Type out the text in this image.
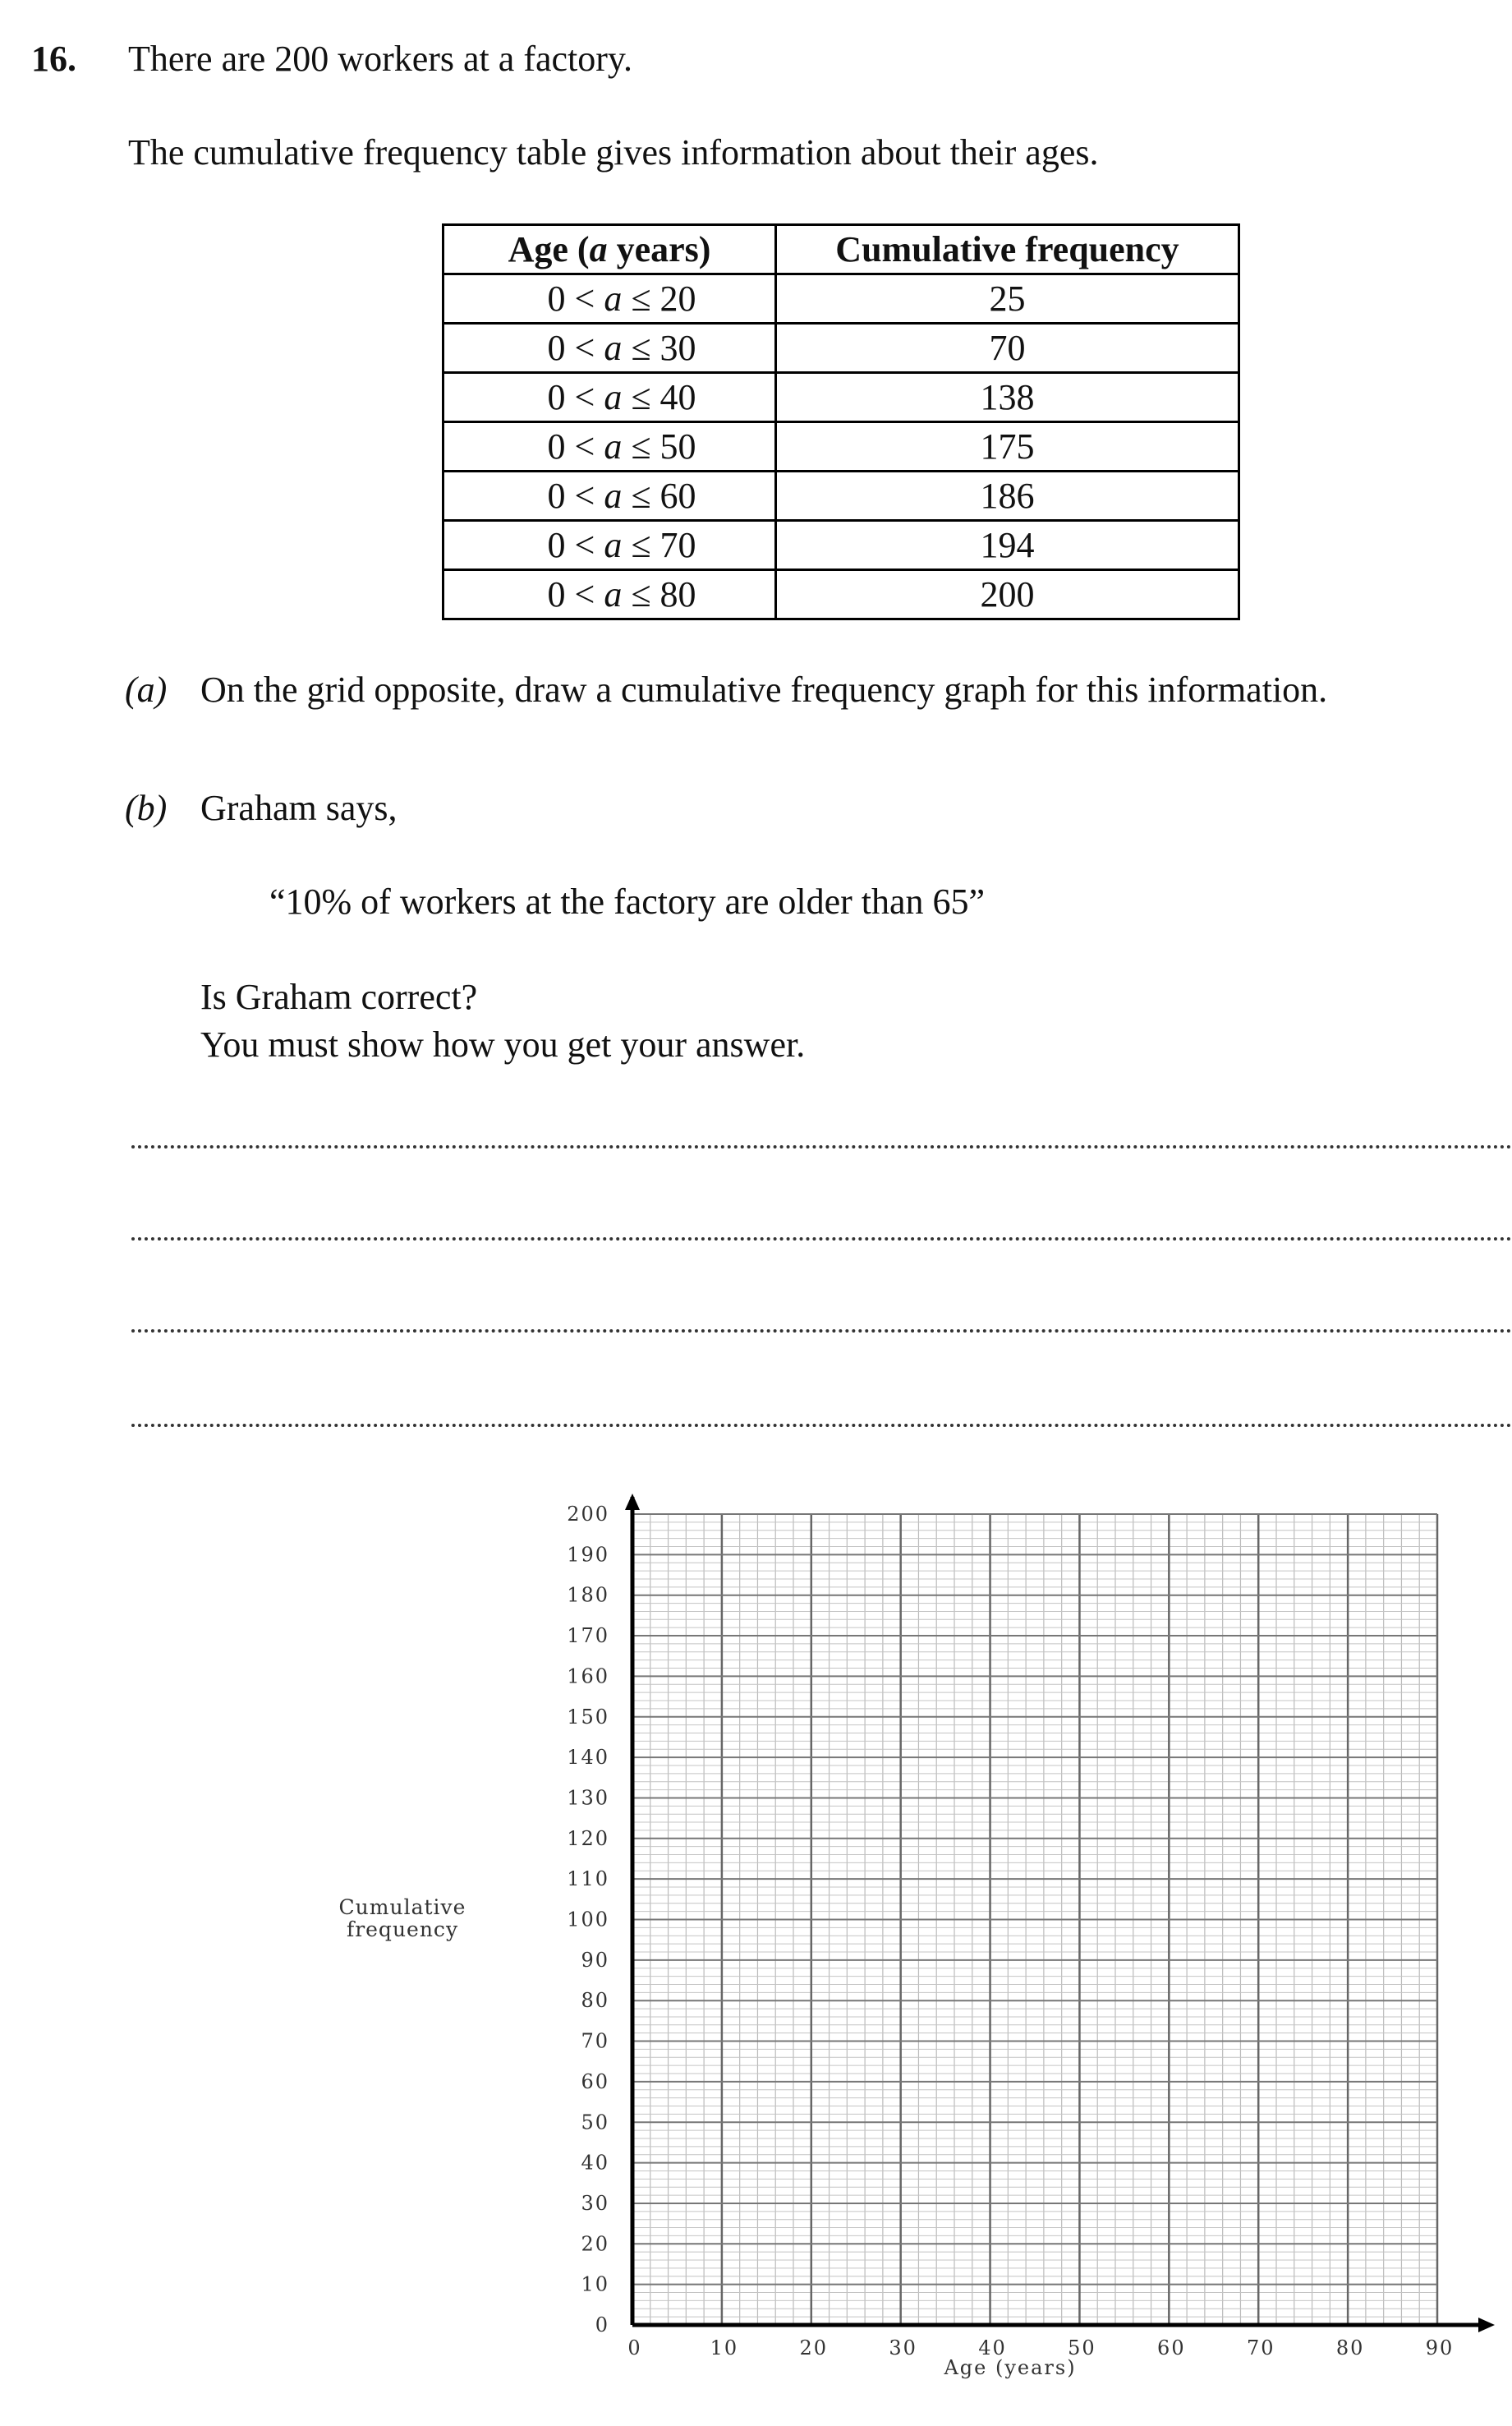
16. There are 200 workers at a factory.
The cumulative frequency table gives information about their ages.
Age (a years)	Cumulative frequency
0 < a ≤ 20	25
0 < a ≤ 30	70
0 < a ≤ 40	138
0 < a ≤ 50	175
0 < a ≤ 60	186
0 < a ≤ 70	194
0 < a ≤ 80	200
(a) On the grid opposite, draw a cumulative frequency graph for this information.
(b) Graham says,
“10% of workers at the factory are older than 65”
Is Graham correct?
You must show how you get your answer.
0
10
20
30
40
50
60
70
80
90
100
110
120
130
140
150
160
170
180
190
200
0	10	20	30	40	50	60	70	80	90
Cumulative
frequency
Age (years)
